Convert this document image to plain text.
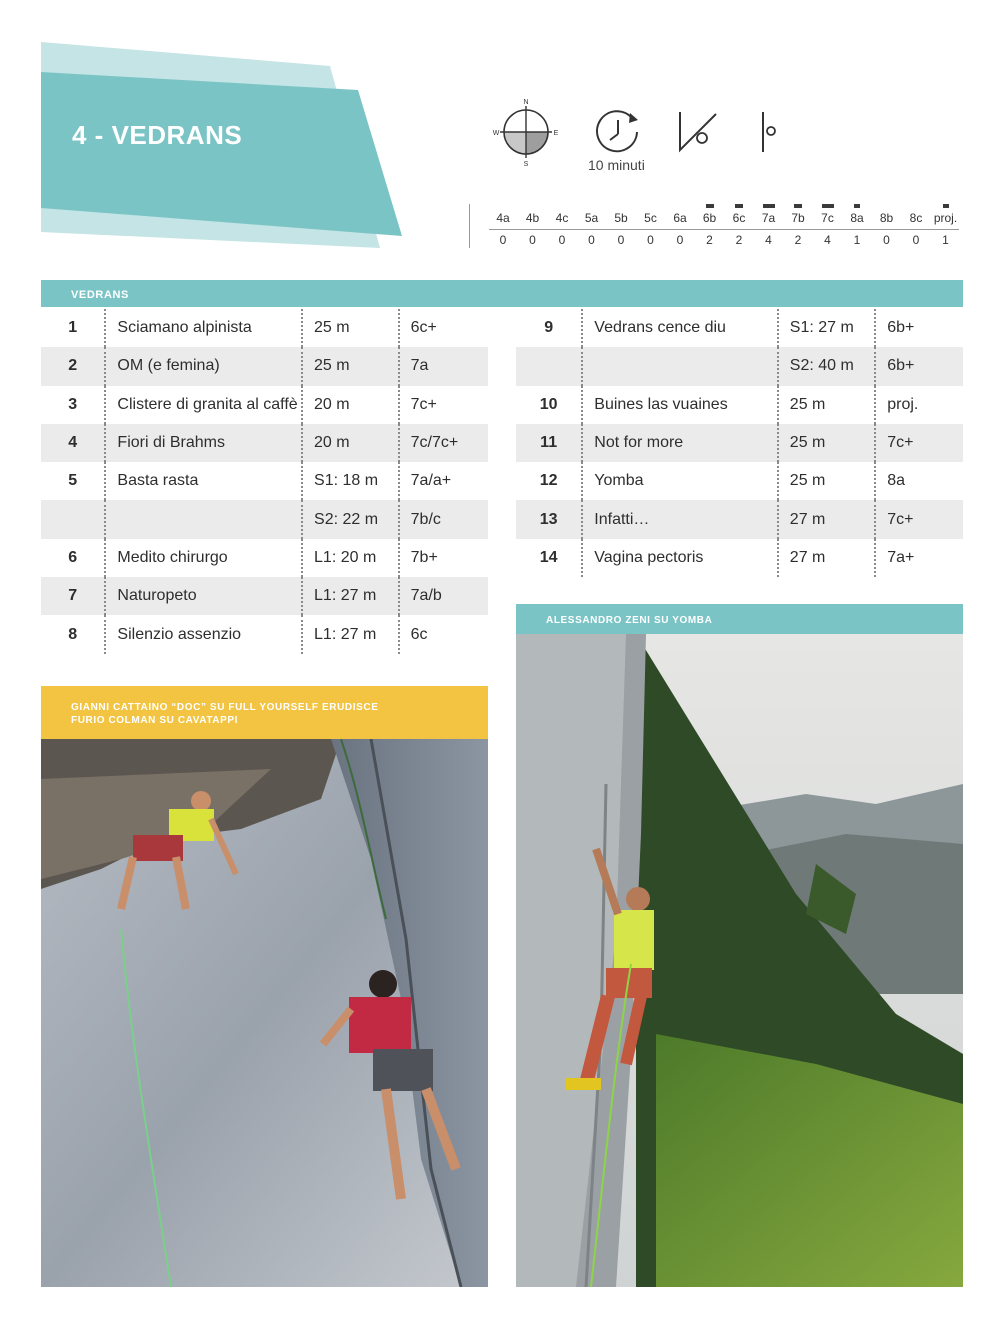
4 - VEDRANS
N
E
S
W
10 minuti
4a
0
4b
0
4c
0
5a
0
5b
0
5c
0
6a
0
6b
2
6c
2
7a
4
7b
2
7c
4
8a
1
8b
0
8c
0
proj.
1
VEDRANS
1	Sciamano alpinista	25 m	6c+
2	OM (e femina)	25 m	7a
3	Clistere di granita al caffè	20 m	7c+
4	Fiori di Brahms	20 m	7c/7c+
5	Basta rasta	S1: 18 m	7a/a+
		S2: 22 m	7b/c
6	Medito chirurgo	L1: 20 m	7b+
7	Naturopeto	L1: 27 m	7a/b
8	Silenzio assenzio	L1: 27 m	6c
9	Vedrans cence diu	S1: 27 m	6b+
		S2: 40 m	6b+
10	Buines las vuaines	25 m	proj.
11	Not for more	25 m	7c+
12	Yomba	25 m	8a
13	Infatti…	27 m	7c+
14	Vagina pectoris	27 m	7a+
GIANNI CATTAINO “DOC” SU FULL YOURSELF ERUDISCE
FURIO COLMAN SU CAVATAPPI
ALESSANDRO ZENI SU YOMBA
